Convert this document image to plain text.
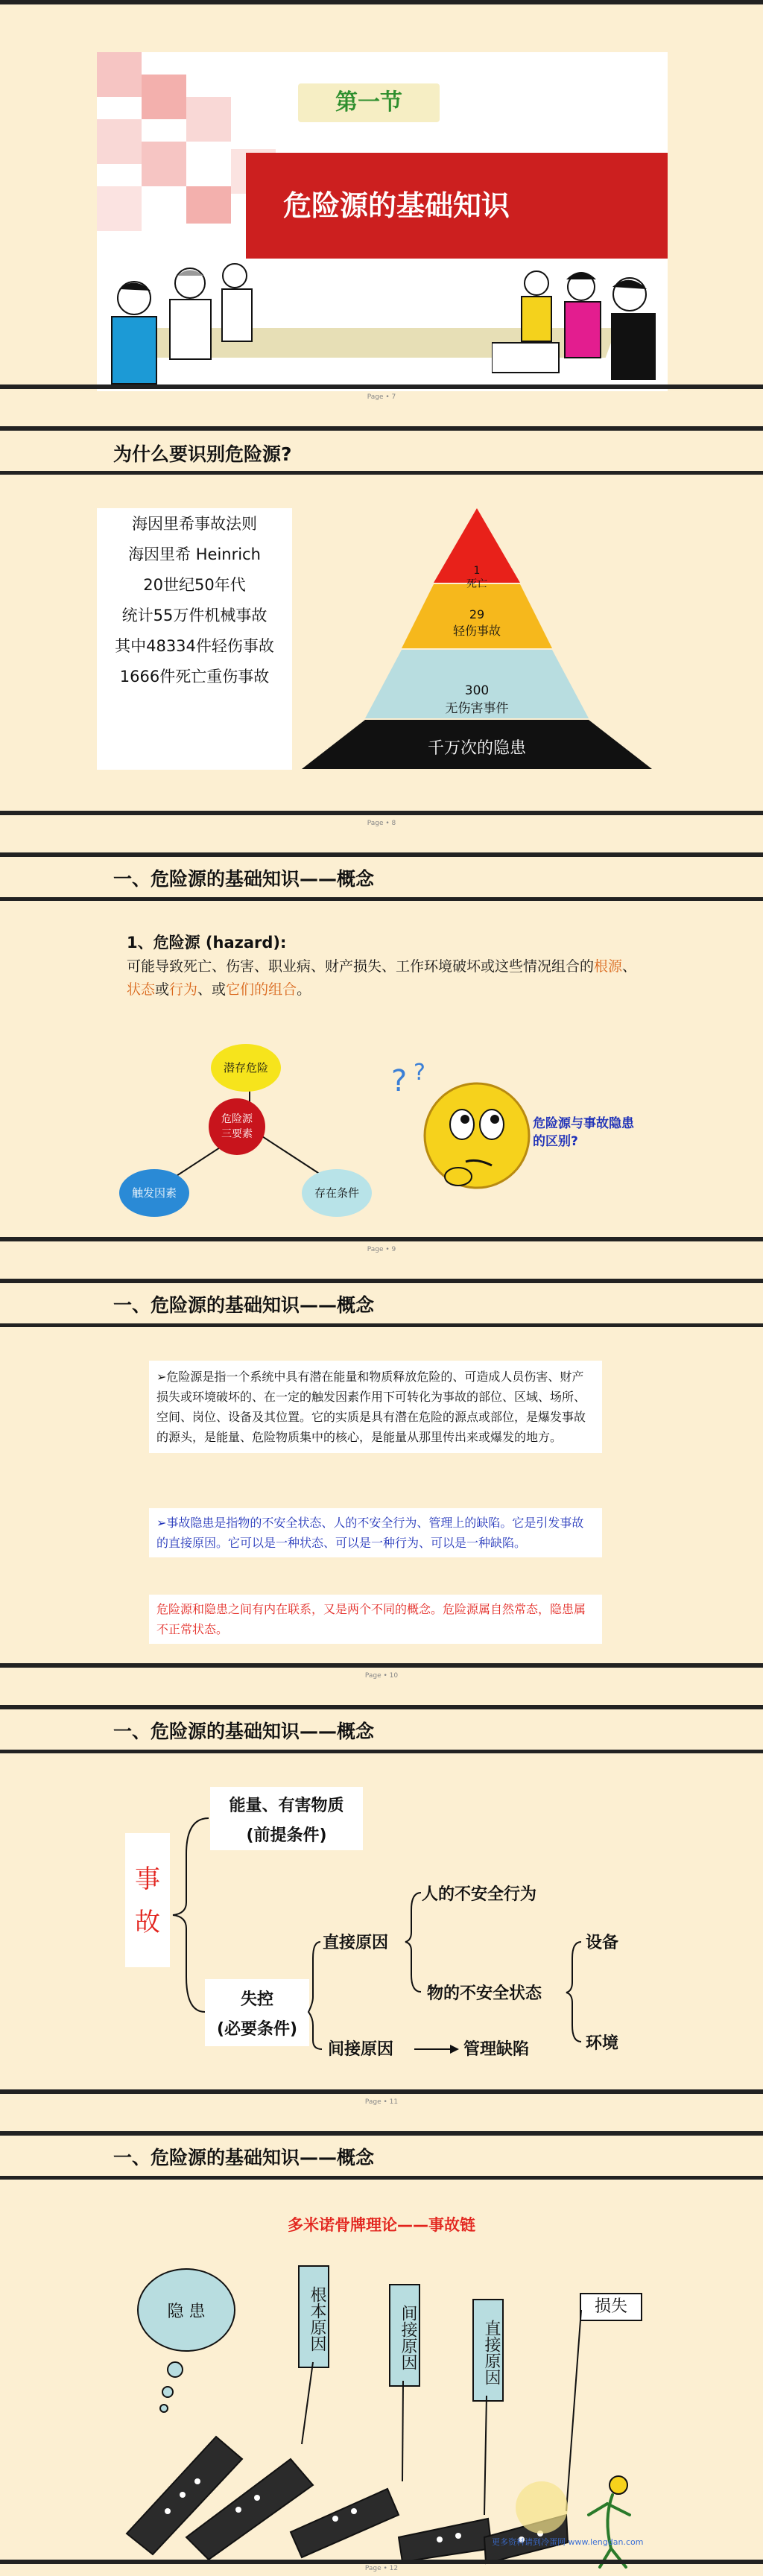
第一节
危险源的基础知识
Page • 7
为什么要识别危险源?
海因里希事故法则
海因里希 Heinrich
20世纪50年代
统计55万件机械事故
其中48334件轻伤事故
1666件死亡重伤事故
1
死亡
29
轻伤事故
300
无伤害事件
千万次的隐患
Page • 8
一、危险源的基础知识——概念
1、危险源 (hazard):
可能导致死亡、伤害、职业病、财产损失、工作环境破坏或这些情况组合的根源、状态或行为、或它们的组合。
危险源
三要素
潜存危险
触发因素	存在条件
? ?
危险源与事故隐患的区别?
Page • 9
一、危险源的基础知识——概念
➢危险源是指一个系统中具有潜在能量和物质释放危险的、可造成人员伤害、财产损失或环境破坏的、在一定的触发因素作用下可转化为事故的部位、区域、场所、空间、岗位、设备及其位置。它的实质是具有潜在危险的源点或部位，是爆发事故的源头，是能量、危险物质集中的核心，是能量从那里传出来或爆发的地方。
➢事故隐患是指物的不安全状态、人的不安全行为、管理上的缺陷。它是引发事故的直接原因。它可以是一种状态、可以是一种行为、可以是一种缺陷。
危险源和隐患之间有内在联系，又是两个不同的概念。危险源属自然常态，隐患属不正常状态。
Page • 10
一、危险源的基础知识——概念
事
故
能量、有害物质
(前提条件)
失控
(必要条件)
直接原因
间接原因	管理缺陷
人的不安全行为
物的不安全状态
设备
环境
Page • 11
一、危险源的基础知识——概念
多米诺骨牌理论——事故链
隐 患	根本原因	间接原因	直接原因
损失
更多资料请到冷蛋网 www.lengdan.com
Page • 12
